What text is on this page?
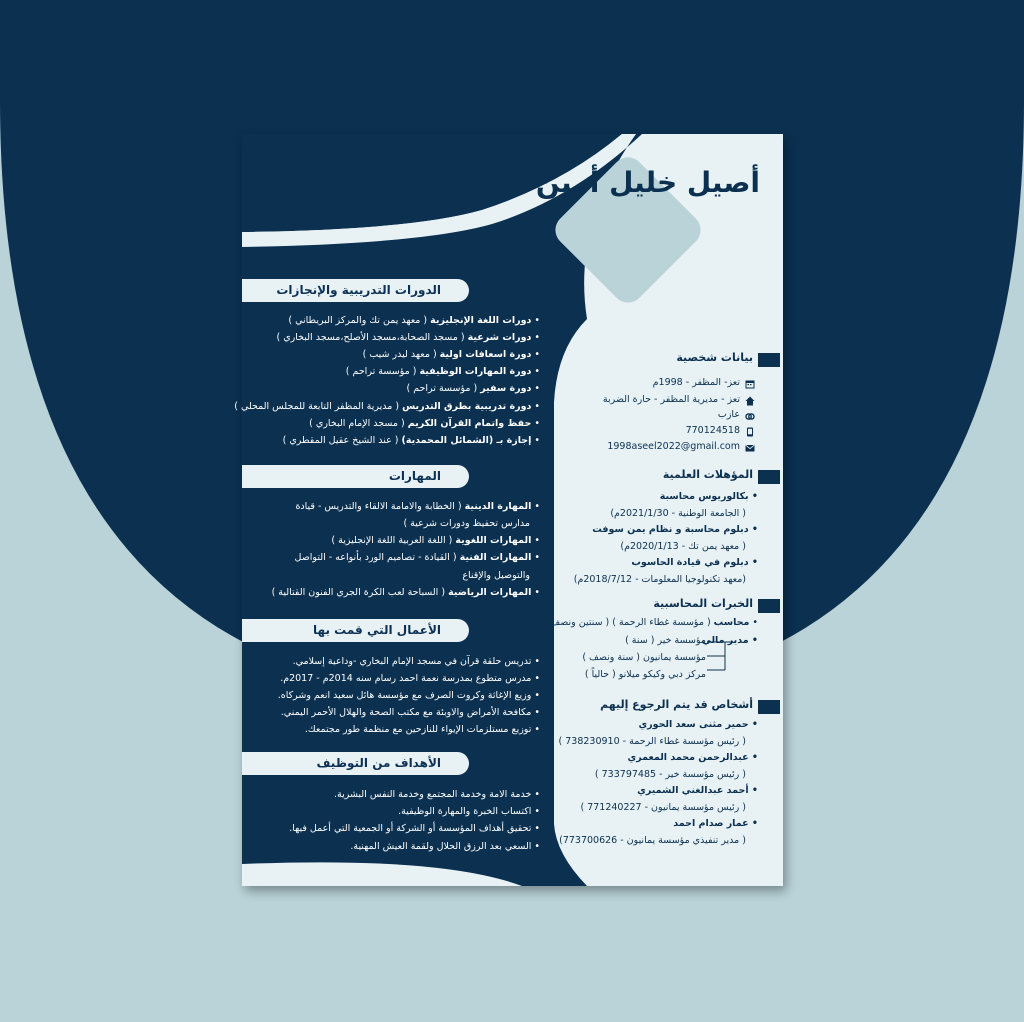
أصيل خليل أمين فرحان
الدورات التدريبية والإنجازات
• دورات اللغة الإنجليزية ( معهد يمن تك والمركز البريطاني )
• دورات شرعية ( مسجد الصحابة،مسجد الأصلح،مسجد البخاري )
• دورة اسعافات اولية ( معهد ليدر شيب )
• دورة المهارات الوظيفية ( مؤسسة تراحم )
• دورة سفير ( مؤسسة تراحم )
• دورة تدريبية بطرق التدريس ( مديرية المظفر التابعة للمجلس المحلي )
• حفظ واتمام القرآن الكريم ( مسجد الإمام البخاري )
• إجازة بـ (الشمائل المحمدية) ( عند الشيخ عقيل المقطري )
المهارات
• المهارة الدينية ( الخطابة والامامة الالقاء والتدريس - قيادة
مدارس تحفيظ ودورات شرعية )
• المهارات اللغوية ( اللغة العربية اللغة الإنجليزية )
• المهارات الفنية ( القيادة - تصاميم الورد بأنواعه - التواصل
والتوصيل والإقناع
• المهارات الرياضية ( السباحة لعب الكرة الجري الفنون القتالية )
الأعمال التي قمت بها
• تدريس حلقة قرآن في مسجد الإمام البخاري -وداعية إسلامي.
• مدرس متطوع بمدرسة نعمة احمد رسام سنه 2014م - 2017م.
• وزيع الإغاثة وكروت الصرف مع مؤسسة هائل سعيد انعم وشركاه.
• مكافحة الأمراض والاوبئة مع مكتب الصحة والهلال الأحمر اليمني.
• توزيع مستلزمات الإيواء للنازحين مع منظمة طور مجتمعك.
الأهداف من التوظيف
• خدمة الامة وخدمة المجتمع وخدمة النفس البشرية.
• اكتساب الخبرة والمهارة الوظيفية.
• تحقيق أهداف المؤسسة أو الشركة أو الجمعية التي أعمل فيها.
• السعي بعد الرزق الحلال ولقمة العيش المهنية.
بيانات شخصية
تعز- المظفر - 1998م
تعز - مديرية المظفر - حارة الضربة
عازب
770124518
1998aseel2022@gmail.com
المؤهلات العلمية
• بكالوريوس محاسبة
( الجامعة الوطنية - 2021/1/30م)
• دبلوم محاسبة و نظام يمن سوفت
( معهد يمن تك - 2020/1/13م)
• دبلوم في قيادة الحاسوب
(معهد تكنولوجيا المعلومات - 2018/7/12م)
الخبرات المحاسبية
• محاسب ( مؤسسة غطاء الرحمة ) ( سنتين ونصف )
• مدير مالي
مؤسسة خير ( سنة )
مؤسسة يمانيون ( سنة ونصف )
مركز دبي وكيكو ميلانو ( حالياً )
أشخاص قد يتم الرجوع إليهم
• حمير مثنى سعد الحوري
( رئيس مؤسسة غطاء الرحمة - 738230910 )
• عبدالرحمن محمد المعمري
( رئيس مؤسسة خير - 733797485 )
• أحمد عبدالغني الشميري
( رئيس مؤسسة يمانيون - 771240227 )
• عمار صدام احمد
( مدير تنفيذي مؤسسة يمانيون - 773700626)
